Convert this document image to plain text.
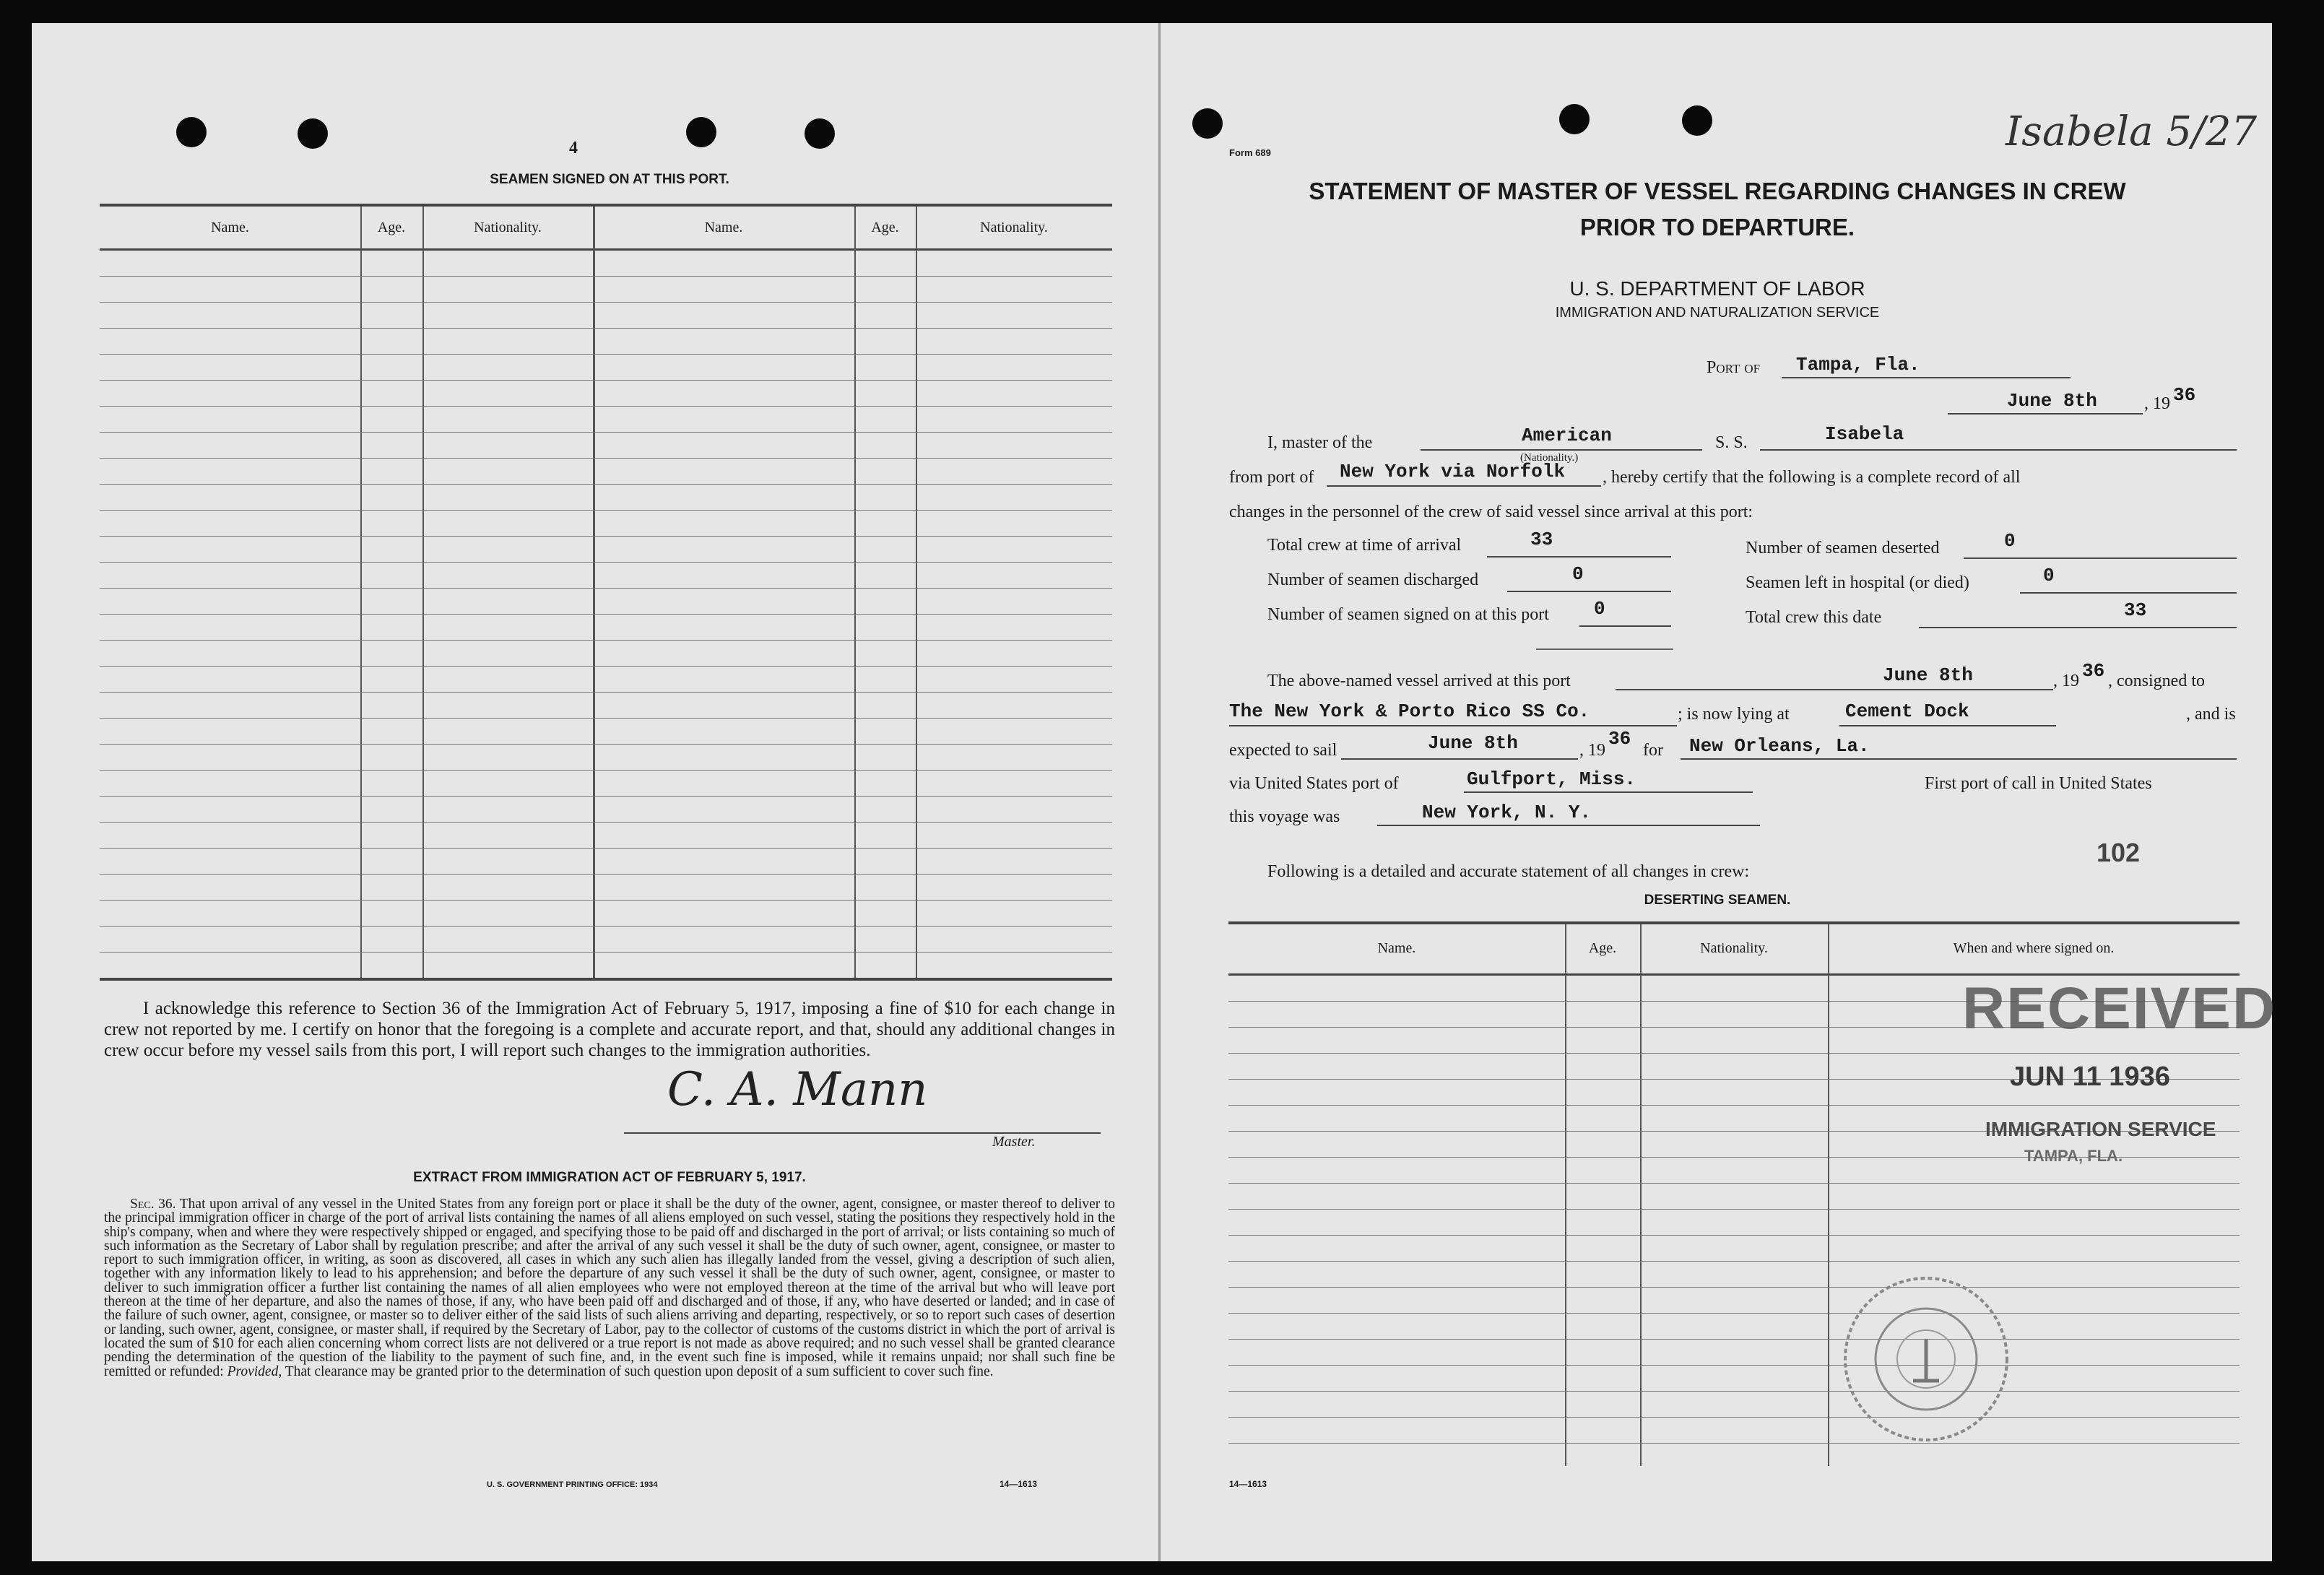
4
SEAMEN SIGNED ON AT THIS PORT.
Name.	Age.	Nationality.	Name.	Age.	Nationality.
I acknowledge this reference to Section 36 of the Immigration Act of February 5, 1917, imposing a fine of $10 for each change in crew not reported by me. I certify on honor that the foregoing is a complete and accurate report, and that, should any additional changes in crew occur before my vessel sails from this port, I will report such changes to the immigration authorities.
C. A. Mann
Master.
EXTRACT FROM IMMIGRATION ACT OF FEBRUARY 5, 1917.
Sec. 36. That upon arrival of any vessel in the United States from any foreign port or place it shall be the duty of the owner, agent, consignee, or master thereof to deliver to the principal immigration officer in charge of the port of arrival lists containing the names of all aliens employed on such vessel, stating the positions they respectively hold in the ship's company, when and where they were respectively shipped or engaged, and specifying those to be paid off and discharged in the port of arrival; or lists containing so much of such information as the Secretary of Labor shall by regulation prescribe; and after the arrival of any such vessel it shall be the duty of such owner, agent, consignee, or master to report to such immigration officer, in writing, as soon as discovered, all cases in which any such alien has illegally landed from the vessel, giving a description of such alien, together with any information likely to lead to his apprehension; and before the departure of any such vessel it shall be the duty of such owner, agent, consignee, or master to deliver to such immigration officer a further list containing the names of all alien employees who were not employed thereon at the time of the arrival but who will leave port thereon at the time of her departure, and also the names of those, if any, who have been paid off and discharged and of those, if any, who have deserted or landed; and in case of the failure of such owner, agent, consignee, or master so to deliver either of the said lists of such aliens arriving and departing, respectively, or so to report such cases of desertion or landing, such owner, agent, consignee, or master shall, if required by the Secretary of Labor, pay to the collector of customs of the customs district in which the port of arrival is located the sum of $10 for each alien concerning whom correct lists are not delivered or a true report is not made as above required; and no such vessel shall be granted clearance pending the determination of the question of the liability to the payment of such fine, and, in the event such fine is imposed, while it remains unpaid; nor shall such fine be remitted or refunded: Provided, That clearance may be granted prior to the determination of such question upon deposit of a sum sufficient to cover such fine.
U. S. GOVERNMENT PRINTING OFFICE: 1934	14—1613
Form 689	Isabela 5/27
STATEMENT OF MASTER OF VESSEL REGARDING CHANGES IN CREW
PRIOR TO DEPARTURE.
U. S. DEPARTMENT OF LABOR
IMMIGRATION AND NATURALIZATION SERVICE
Port of Tampa, Fla.
June 8th	, 19 36
I, master of the	American
(Nationality.)
S. S.	Isabela
from port of New York via Norfolk , hereby certify that the following is a complete record of all
changes in the personnel of the crew of said vessel since arrival at this port:
Total crew at time of arrival	33	Number of seamen deserted	0
Number of seamen discharged	0	Seamen left in hospital (or died)	0
Number of seamen signed on at this port 0	Total crew this date	33
The above-named vessel arrived at this port	June 8th	, 19 36 , consigned to
The New York & Porto Rico SS Co.	; is now lying at	Cement Dock	, and is
expected to sail	June 8th	, 19
36
for New Orleans, La.
via United States port of	Gulfport, Miss.	First port of call in United States
this voyage was	New York, N. Y.
102
Following is a detailed and accurate statement of all changes in crew:
DESERTING SEAMEN.
Name.	Age.	Nationality.	When and where signed on.
RECEIVED
JUN 11 1936
IMMIGRATION SERVICE
TAMPA, FLA.
14—1613
